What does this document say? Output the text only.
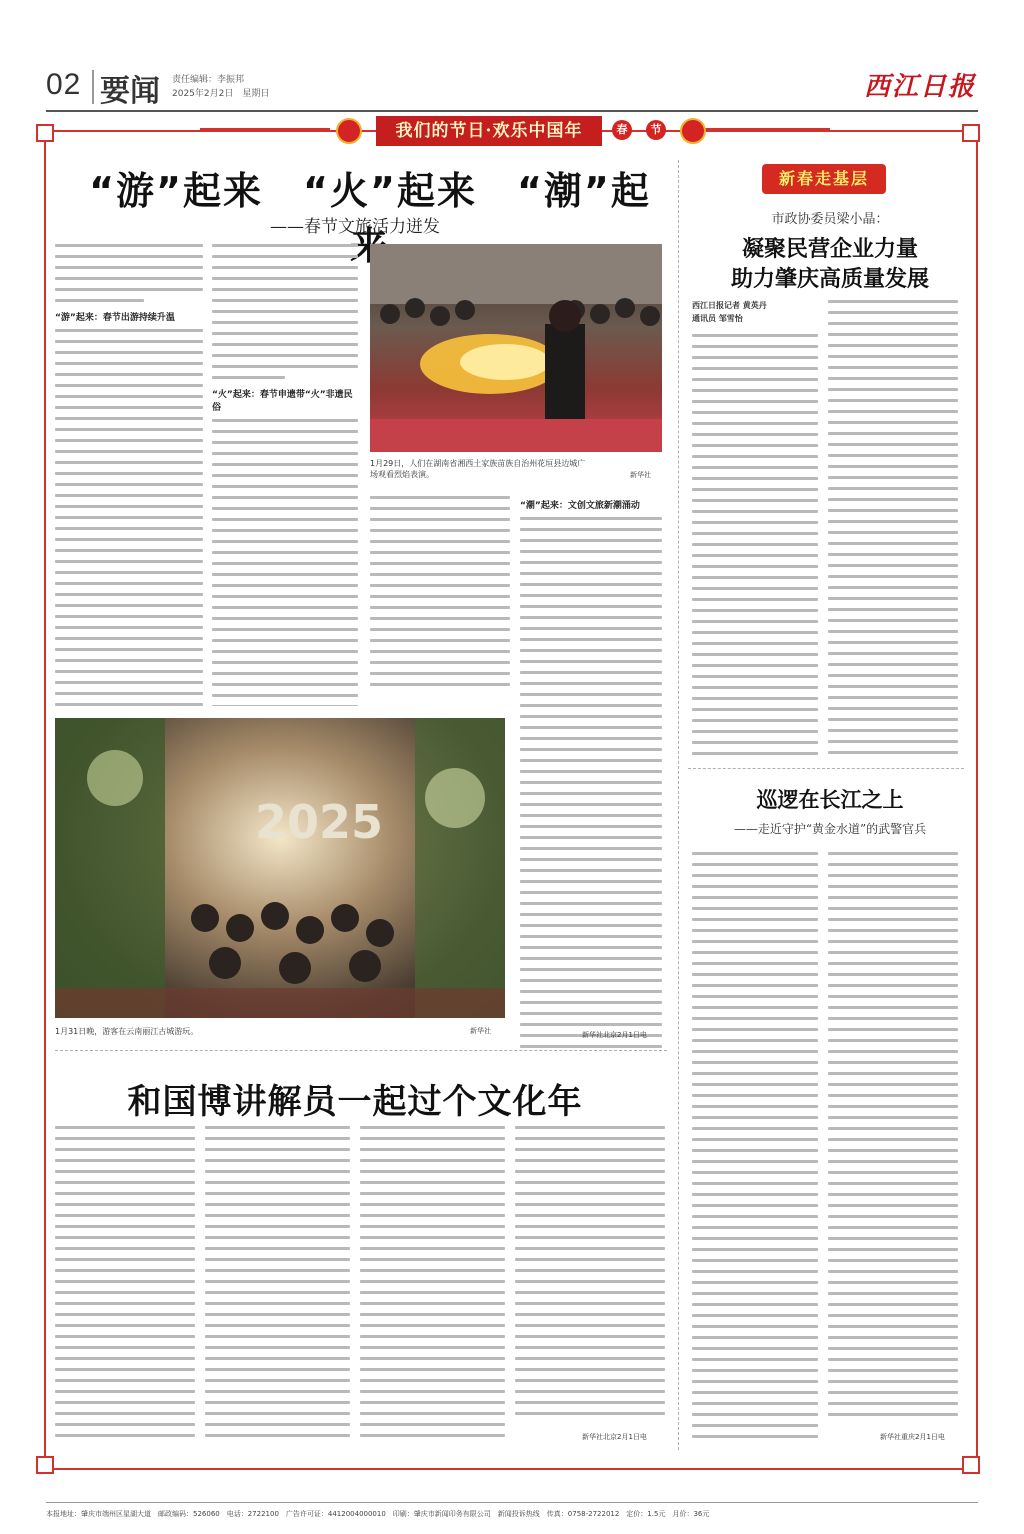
02 要闻 责任编辑：李振邦
2025年2月2日　星期日	西江日报
我们的节日·欢乐中国年	春	节
“游”起来　“火”起来　“潮”起
——春节文旅活力迸发
“游”起来：春节出游持续升温
“火”起来：春节申遗带“火”非遗民俗
1月29日，人们在湖南省湘西土家族苗族自治州花垣县边城广场观看烈焰表演。	新华社
“潮”起来：文创文旅新潮涌动
2025
1月31日晚，游客在云南丽江古城游玩。	新华社	新华社北京2月1日电
新春走基层
市政协委员梁小晶：
凝聚民营企业力量
助力肇庆高质量发展
西江日报记者 黄英丹
通讯员 邹雪怡
巡逻在长江之上
——走近守护“黄金水道”的武警官兵
新华社重庆2月1日电
和国博讲解员一起过个文化年
新华社北京2月1日电
本报地址：肇庆市端州区星湖大道　邮政编码：526060　电话：2722100　广告许可证：4412004000010　印刷：肇庆市新闻印务有限公司　新闻投诉热线　传真：0758-2722012　定价：1.5元　月价：36元
